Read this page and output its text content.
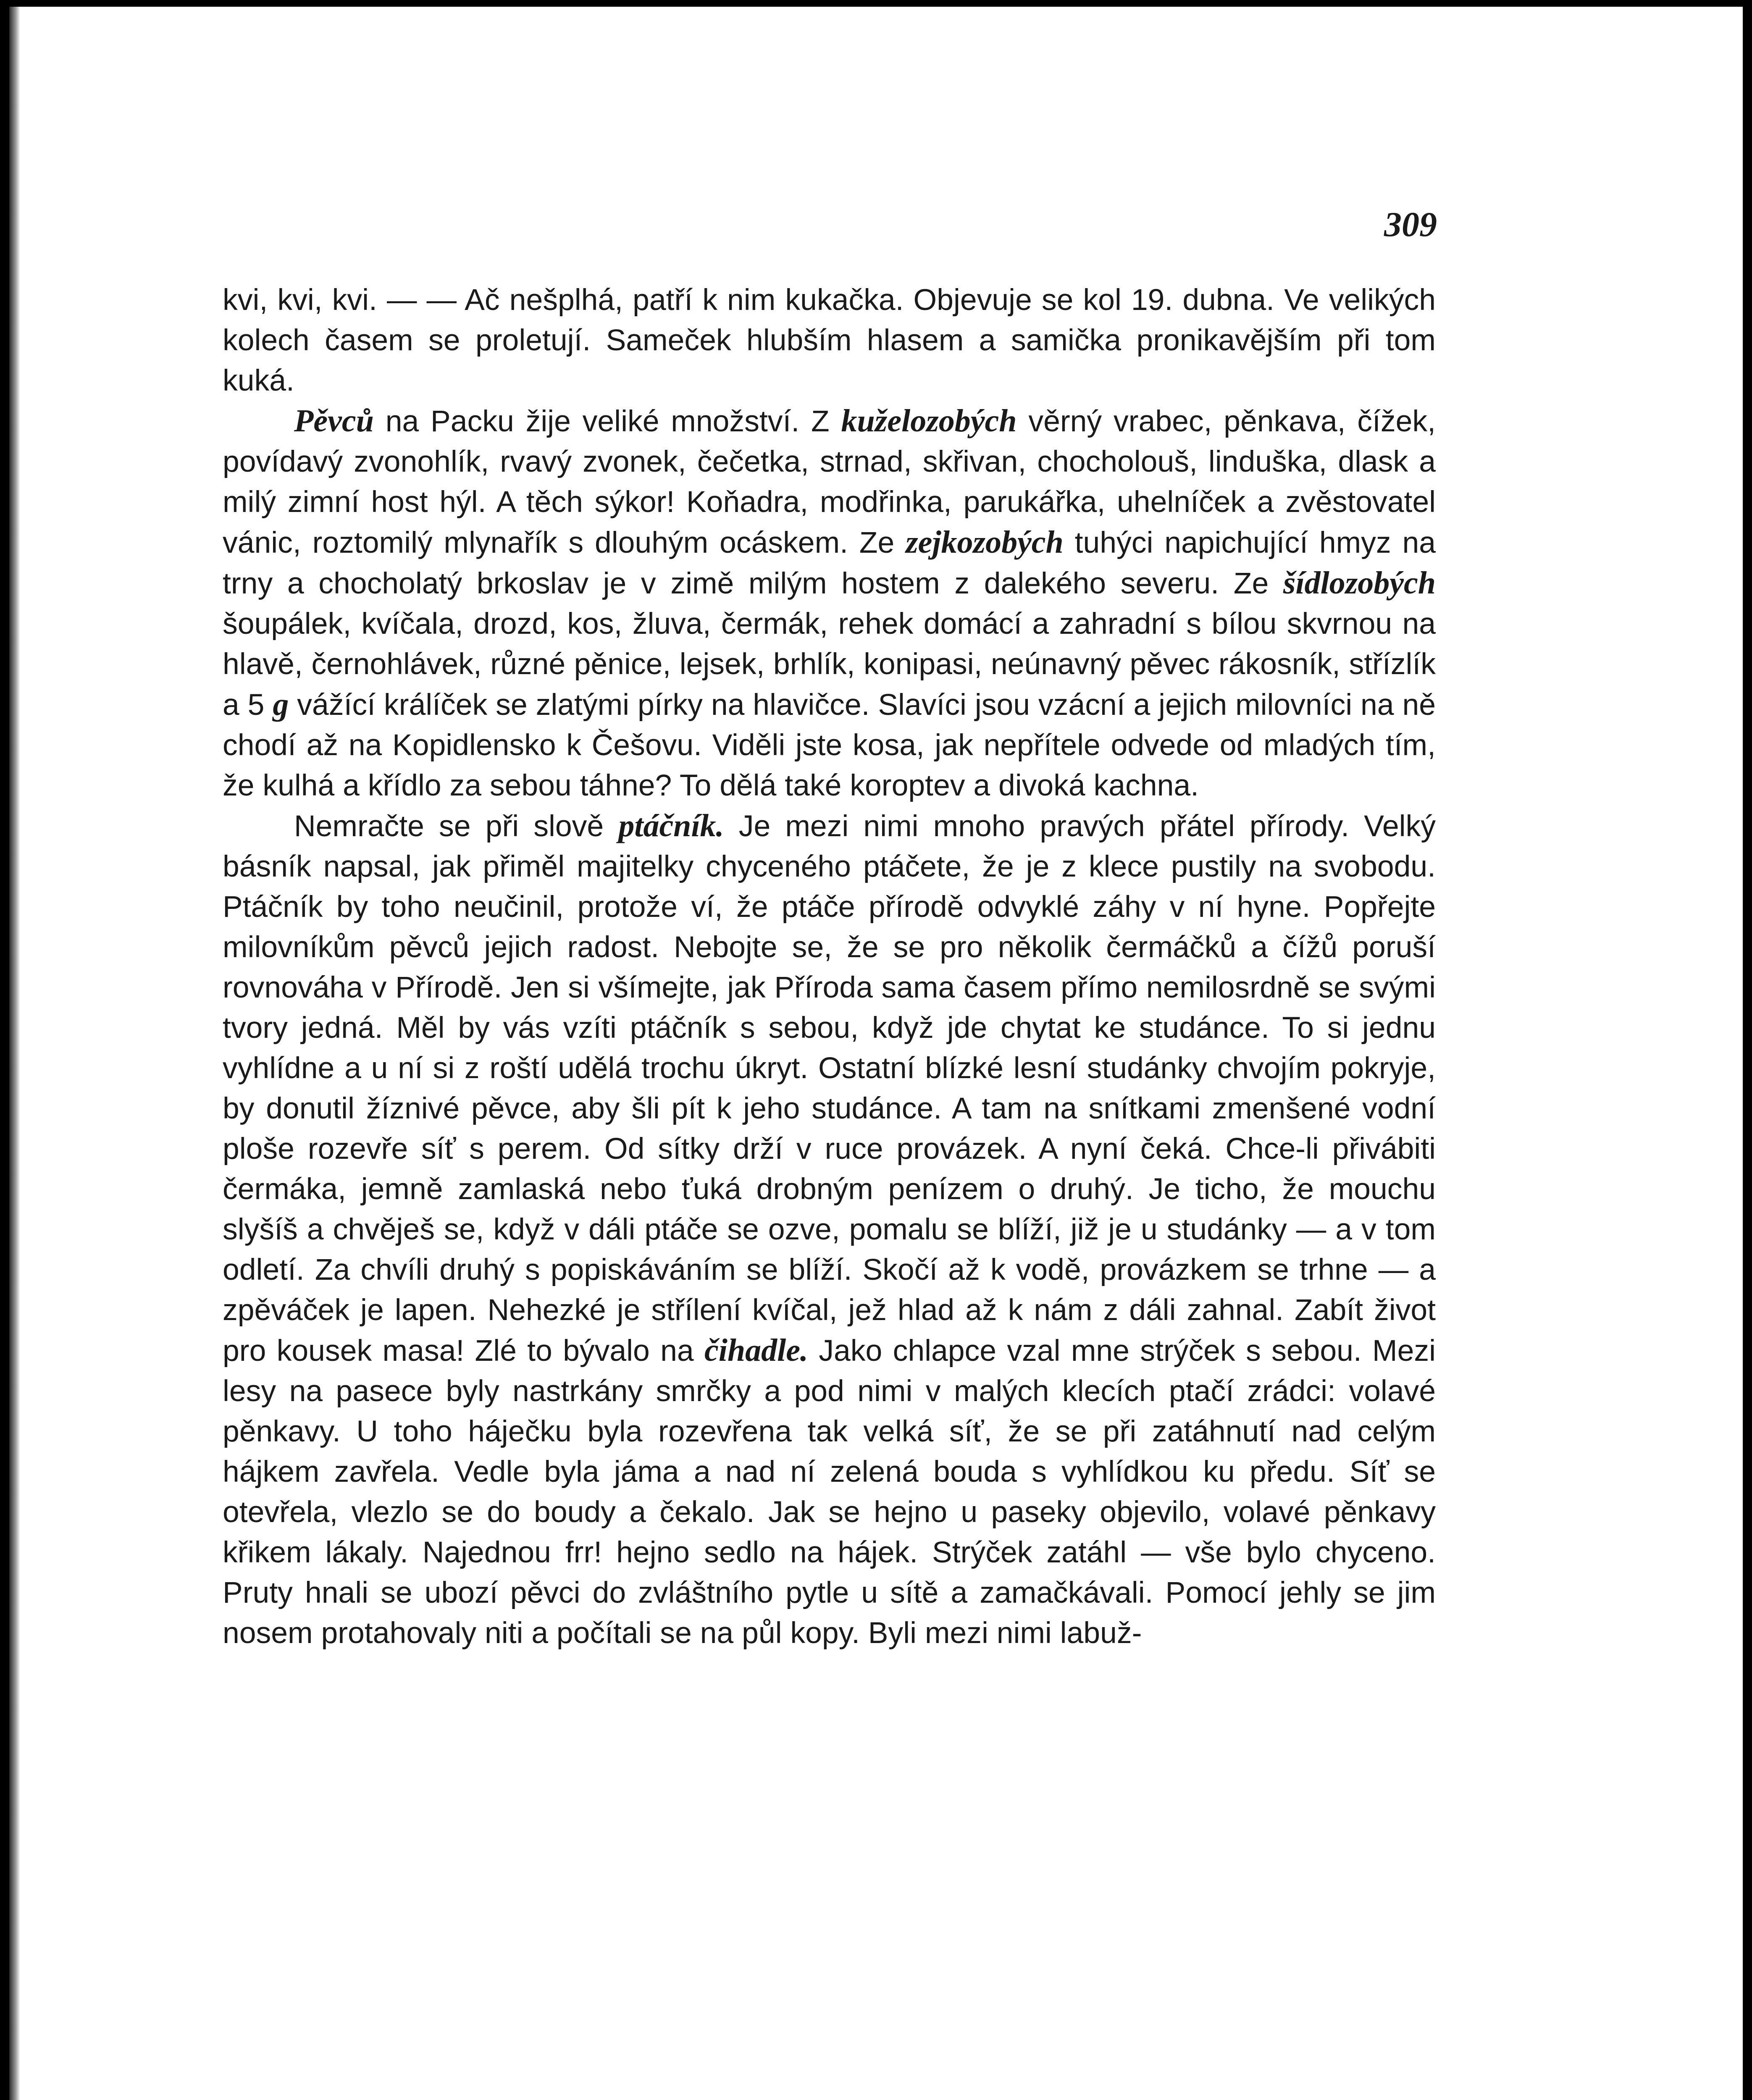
309

kvi, kvi, kvi. — — Ač nešplhá, patří k nim kukačka. Objevuje se kol 19. dubna. Ve velikých kolech časem se proletují. Sameček hlubším hlasem a samička pronikavějším při tom kuká.

Pěvců na Packu žije veliké množství. Z kuželozobých věrný vrabec, pěnkava, čížek, povídavý zvonohlík, rvavý zvonek, čečetka, strnad, skřivan, chocholouš, linduška, dlask a milý zimní host hýl. A těch sýkor! Koňadra, modřinka, parukářka, uhelníček a zvěstovatel vánic, roztomilý mlynařík s dlouhým ocáskem. Ze zejkozobých tuhýci napichující hmyz na trny a chocholatý brkoslav je v zimě milým hostem z dalekého severu. Ze šídlozobých šoupálek, kvíčala, drozd, kos, žluva, čermák, rehek domácí a zahradní s bílou skvrnou na hlavě, černohlávek, různé pěnice, lejsek, brhlík, konipasi, neúnavný pěvec rákosník, střízlík a 5 g vážící králíček se zlatými pírky na hlavičce. Slavíci jsou vzácní a jejich milovníci na ně chodí až na Kopidlensko k Češovu. Viděli jste kosa, jak nepřítele odvede od mladých tím, že kulhá a křídlo za sebou táhne? To dělá také koroptev a divoká kachna.

Nemračte se při slově ptáčník. Je mezi nimi mnoho pravých přátel přírody. Velký básník napsal, jak přiměl majitelky chyceného ptáčete, že je z klece pustily na svobodu. Ptáčník by toho neučinil, protože ví, že ptáče přírodě odvyklé záhy v ní hyne. Popřejte milovníkům pěvců jejich radost. Nebojte se, že se pro několik čermáčků a čížů poruší rovnováha v Přírodě. Jen si všímejte, jak Příroda sama časem přímo nemilosrdně se svými tvory jedná. Měl by vás vzíti ptáčník s sebou, když jde chytat ke studánce. To si jednu vyhlídne a u ní si z roští udělá trochu úkryt. Ostatní blízké lesní studánky chvojím pokryje, by donutil žíznivé pěvce, aby šli pít k jeho studánce. A tam na snítkami zmenšené vodní ploše rozevře síť s perem. Od sítky drží v ruce provázek. A nyní čeká. Chce-li přivábiti čermáka, jemně zamlaská nebo ťuká drobným penízem o druhý. Je ticho, že mouchu slyšíš a chvěješ se, když v dáli ptáče se ozve, pomalu se blíží, již je u studánky — a v tom odletí. Za chvíli druhý s popiskáváním se blíží. Skočí až k vodě, provázkem se trhne — a zpěváček je lapen. Nehezké je střílení kvíčal, jež hlad až k nám z dáli zahnal. Zabít život pro kousek masa! Zlé to bývalo na čihadle. Jako chlapce vzal mne strýček s sebou. Mezi lesy na pasece byly nastrkány smrčky a pod nimi v malých klecích ptačí zrádci: volavé pěnkavy. U toho háječku byla rozevřena tak velká síť, že se při zatáhnutí nad celým hájkem zavřela. Vedle byla jáma a nad ní zelená bouda s vyhlídkou ku předu. Síť se otevřela, vlezlo se do boudy a čekalo. Jak se hejno u paseky objevilo, volavé pěnkavy křikem lákaly. Najednou frr! hejno sedlo na hájek. Strýček zatáhl — vše bylo chyceno. Pruty hnali se ubozí pěvci do zvláštního pytle u sítě a zamačkávali. Pomocí jehly se jim nosem protahovaly niti a počítali se na půl kopy. Byli mezi nimi labuž-
